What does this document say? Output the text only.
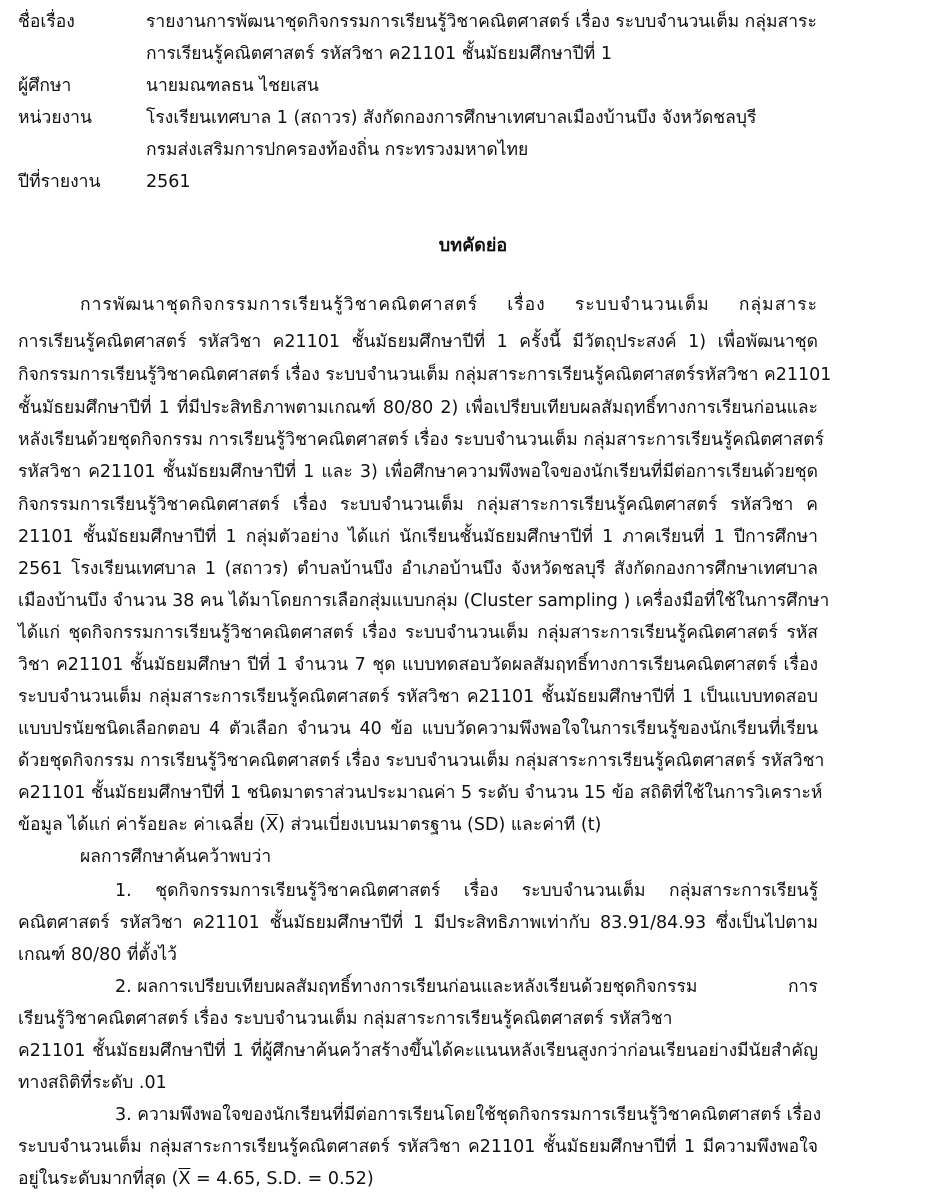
ชื่อเรื่อง	รายงานการพัฒนาชุดกิจกรรมการเรียนรู้วิชาคณิตศาสตร์ เรื่อง ระบบจำนวนเต็ม กลุ่มสาระ
การเรียนรู้คณิตศาสตร์ รหัสวิชา ค21101 ชั้นมัธยมศึกษาปีที่ 1
ผู้ศึกษา	นายมณฑลธน ไชยเสน
หน่วยงาน	โรงเรียนเทศบาล 1 (สถาวร) สังกัดกองการศึกษาเทศบาลเมืองบ้านบึง จังหวัดชลบุรี
กรมส่งเสริมการปกครองท้องถิ่น กระทรวงมหาดไทย
ปีที่รายงาน	2561
บทคัดย่อ
การพัฒนาชุดกิจกรรมการเรียนรู้วิชาคณิตศาสตร์ เรื่อง ระบบจำนวนเต็ม กลุ่มสาระ
การเรียนรู้คณิตศาสตร์ รหัสวิชา ค21101 ชั้นมัธยมศึกษาปีที่ 1 ครั้งนี้ มีวัตถุประสงค์ 1) เพื่อพัฒนาชุด
กิจกรรมการเรียนรู้วิชาคณิตศาสตร์ เรื่อง ระบบจำนวนเต็ม กลุ่มสาระการเรียนรู้คณิตศาสตร์รหัสวิชา ค21101
ชั้นมัธยมศึกษาปีที่ 1 ที่มีประสิทธิภาพตามเกณฑ์ 80/80 2) เพื่อเปรียบเทียบผลสัมฤทธิ์ทางการเรียนก่อนและ
หลังเรียนด้วยชุดกิจกรรม การเรียนรู้วิชาคณิตศาสตร์ เรื่อง ระบบจำนวนเต็ม กลุ่มสาระการเรียนรู้คณิตศาสตร์
รหัสวิชา ค21101 ชั้นมัธยมศึกษาปีที่ 1 และ 3) เพื่อศึกษาความพึงพอใจของนักเรียนที่มีต่อการเรียนด้วยชุด
กิจกรรมการเรียนรู้วิชาคณิตศาสตร์ เรื่อง ระบบจำนวนเต็ม กลุ่มสาระการเรียนรู้คณิตศาสตร์ รหัสวิชา ค
21101 ชั้นมัธยมศึกษาปีที่ 1 กลุ่มตัวอย่าง ได้แก่ นักเรียนชั้นมัธยมศึกษาปีที่ 1 ภาคเรียนที่ 1 ปีการศึกษา
2561 โรงเรียนเทศบาล 1 (สถาวร) ตำบลบ้านบึง อำเภอบ้านบึง จังหวัดชลบุรี สังกัดกองการศึกษาเทศบาล
เมืองบ้านบึง จำนวน 38 คน ได้มาโดยการเลือกสุ่มแบบกลุ่ม (Cluster sampling ) เครื่องมือที่ใช้ในการศึกษา
ได้แก่ ชุดกิจกรรมการเรียนรู้วิชาคณิตศาสตร์ เรื่อง ระบบจำนวนเต็ม กลุ่มสาระการเรียนรู้คณิตศาสตร์ รหัส
วิชา ค21101 ชั้นมัธยมศึกษา ปีที่ 1 จำนวน 7 ชุด แบบทดสอบวัดผลสัมฤทธิ์ทางการเรียนคณิตศาสตร์ เรื่อง
ระบบจำนวนเต็ม กลุ่มสาระการเรียนรู้คณิตศาสตร์ รหัสวิชา ค21101 ชั้นมัธยมศึกษาปีที่ 1 เป็นแบบทดสอบ
แบบปรนัยชนิดเลือกตอบ 4 ตัวเลือก จำนวน 40 ข้อ แบบวัดความพึงพอใจในการเรียนรู้ของนักเรียนที่เรียน
ด้วยชุดกิจกรรม การเรียนรู้วิชาคณิตศาสตร์ เรื่อง ระบบจำนวนเต็ม กลุ่มสาระการเรียนรู้คณิตศาสตร์ รหัสวิชา
ค21101 ชั้นมัธยมศึกษาปีที่ 1 ชนิดมาตราส่วนประมาณค่า 5 ระดับ จำนวน 15 ข้อ สถิติที่ใช้ในการวิเคราะห์
ข้อมูล ได้แก่ ค่าร้อยละ ค่าเฉลี่ย $(\overline{X})$ ส่วนเบี่ยงเบนมาตรฐาน (SD) และค่าที (t)
ผลการศึกษาค้นคว้าพบว่า
1. ชุดกิจกรรมการเรียนรู้วิชาคณิตศาสตร์ เรื่อง ระบบจำนวนเต็ม กลุ่มสาระการเรียนรู้
คณิตศาสตร์ รหัสวิชา ค21101 ชั้นมัธยมศึกษาปีที่ 1 มีประสิทธิภาพเท่ากับ 83.91/84.93 ซึ่งเป็นไปตาม
เกณฑ์ 80/80 ที่ตั้งไว้
2. ผลการเปรียบเทียบผลสัมฤทธิ์ทางการเรียนก่อนและหลังเรียนด้วยชุดกิจกรรม	การ
เรียนรู้วิชาคณิตศาสตร์ เรื่อง ระบบจำนวนเต็ม กลุ่มสาระการเรียนรู้คณิตศาสตร์ รหัสวิชา
ค21101 ชั้นมัธยมศึกษาปีที่ 1 ที่ผู้ศึกษาค้นคว้าสร้างขึ้นได้คะแนนหลังเรียนสูงกว่าก่อนเรียนอย่างมีนัยสำคัญ
ทางสถิติที่ระดับ .01
3. ความพึงพอใจของนักเรียนที่มีต่อการเรียนโดยใช้ชุดกิจกรรมการเรียนรู้วิชาคณิตศาสตร์ เรื่อง
ระบบจำนวนเต็ม กลุ่มสาระการเรียนรู้คณิตศาสตร์ รหัสวิชา ค21101 ชั้นมัธยมศึกษาปีที่ 1 มีความพึงพอใจ
อยู่ในระดับมากที่สุด ($\overline{X} = 4.65$, S.D. = 0.52)
